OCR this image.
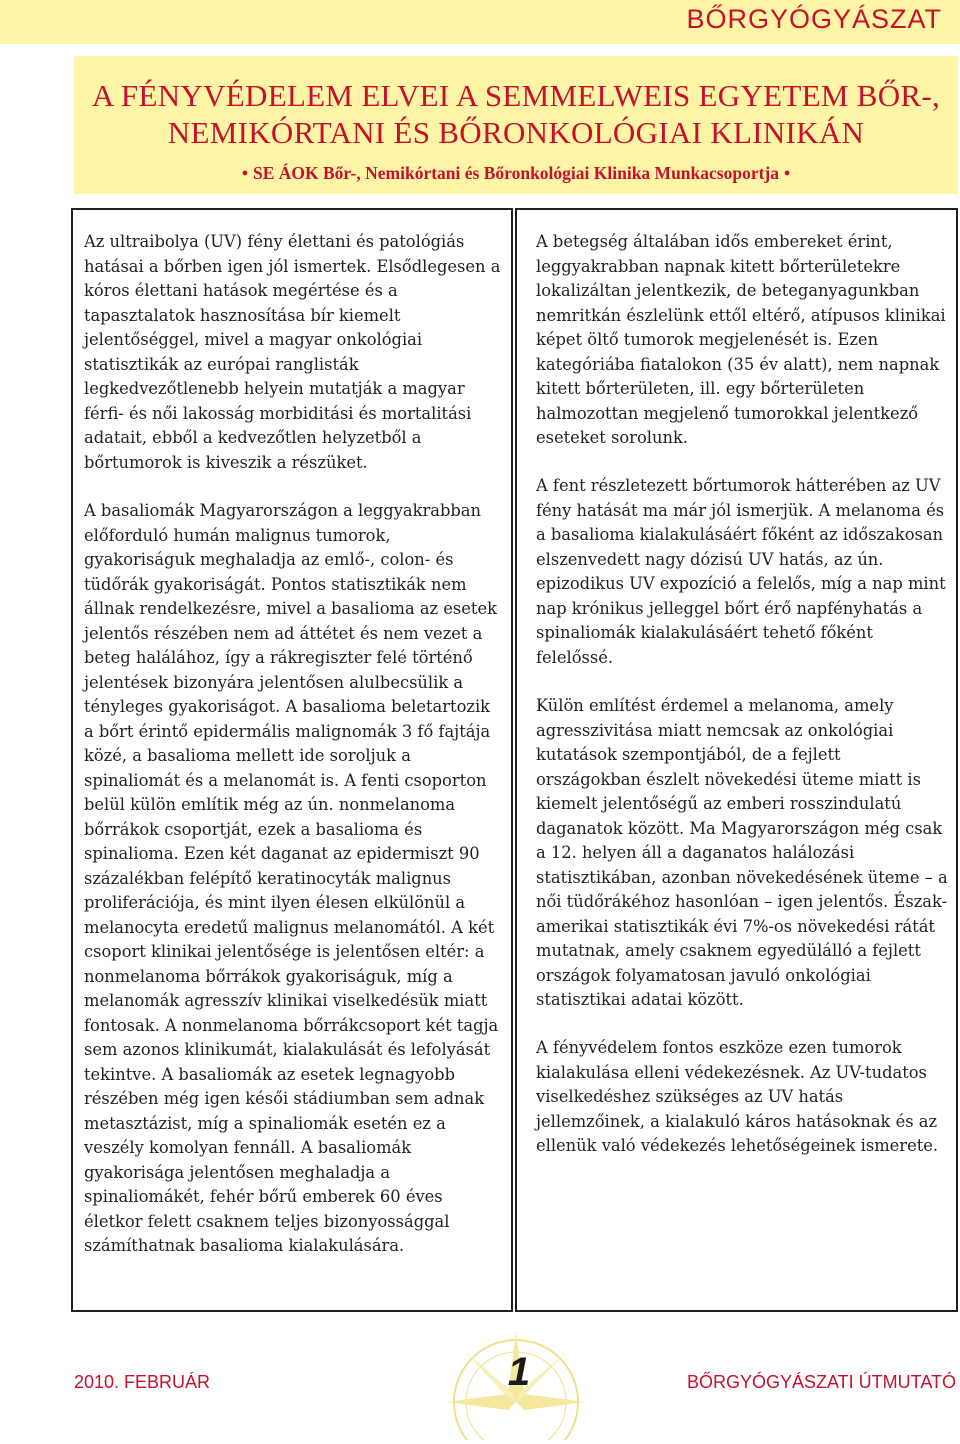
BŐRGYÓGYÁSZAT
A FÉNYVÉDELEM ELVEI A SEMMELWEIS EGYETEM BŐR-,
NEMIKÓRTANI ÉS BŐRONKOLÓGIAI KLINIKÁN
• SE ÁOK Bőr-, Nemikórtani és Bőronkológiai Klinika Munkacsoportja •

Az ultraibolya (UV) fény élettani és patológiás hatásai a bőrben igen jól ismertek. Elsődlegesen a kóros élettani hatások megértése és a tapasztalatok hasznosítása bír kiemelt jelentőséggel, mivel a magyar onkológiai statisztikák az európai ranglisták legkedvezőtlenebb helyein mutatják a magyar férfi- és női lakosság morbiditási és mortalitási adatait, ebből a kedvezőtlen helyzetből a bőrtumorok is kiveszik a részüket.

A basaliomák Magyarországon a leggyakrabban előforduló humán malignus tumorok, gyakoriságuk meghaladja az emlő-, colon- és tüdőrák gyakoriságát. Pontos statisztikák nem állnak rendelkezésre, mivel a basalioma az esetek jelentős részében nem ad áttétet és nem vezet a beteg halálához, így a rákregiszter felé történő jelentések bizonyára jelentősen alulbecsülik a tényleges gyakoriságot. A basalioma beletartozik a bőrt érintő epidermális malignomák 3 fő fajtája közé, a basalioma mellett ide soroljuk a spinaliomát és a melanomát is. A fenti csoporton belül külön említik még az ún. nonmelanoma bőrrákok csoportját, ezek a basalioma és spinalioma. Ezen két daganat az epidermiszt 90 százalékban felépítő keratinocyták malignus proliferációja, és mint ilyen élesen elkülönül a melanocyta eredetű malignus melanomától. A két csoport klinikai jelentősége is jelentősen eltér: a nonmelanoma bőrrákok gyakoriságuk, míg a melanomák agresszív klinikai viselkedésük miatt fontosak. A nonmelanoma bőrrákcsoport két tagja sem azonos klinikumát, kialakulását és lefolyását tekintve. A basaliomák az esetek legnagyobb részében még igen késői stádiumban sem adnak metasztázist, míg a spinaliomák esetén ez a veszély komolyan fennáll. A basaliomák gyakorisága jelentősen meghaladja a spinaliomákét, fehér bőrű emberek 60 éves életkor felett csaknem teljes bizonyossággal számíthatnak basalioma kialakulására.

A betegség általában idős embereket érint, leggyakrabban napnak kitett bőrterületekre lokalizáltan jelentkezik, de beteganyagunkban nemritkán észlelünk ettől eltérő, atípusos klinikai képet öltő tumorok megjelenését is. Ezen kategóriába fiatalokon (35 év alatt), nem napnak kitett bőrterületen, ill. egy bőrterületen halmozottan megjelenő tumorokkal jelentkező eseteket sorolunk.

A fent részletezett bőrtumorok hátterében az UV fény hatását ma már jól ismerjük. A melanoma és a basalioma kialakulásáért főként az időszakosan elszenvedett nagy dózisú UV hatás, az ún. epizodikus UV expozíció a felelős, míg a nap mint nap krónikus jelleggel bőrt érő napfényhatás a spinaliomák kialakulásáért tehető főként felelőssé.

Külön említést érdemel a melanoma, amely agresszivitása miatt nemcsak az onkológiai kutatások szempontjából, de a fejlett országokban észlelt növekedési üteme miatt is kiemelt jelentőségű az emberi rosszindulatú daganatok között. Ma Magyarországon még csak a 12. helyen áll a daganatos halálozási statisztikában, azonban növekedésének üteme – a női tüdőrákéhoz hasonlóan – igen jelentős. Észak-amerikai statisztikák évi 7%-os növekedési rátát mutatnak, amely csaknem egyedülálló a fejlett országok folyamatosan javuló onkológiai statisztikai adatai között.

A fényvédelem fontos eszköze ezen tumorok kialakulása elleni védekezésnek. Az UV-tudatos viselkedéshez szükséges az UV hatás jellemzőinek, a kialakuló káros hatásoknak és az ellenük való védekezés lehetőségeinek ismerete.

2010. FEBRUÁR	1	BŐRGYÓGYÁSZATI ÚTMUTATÓ
